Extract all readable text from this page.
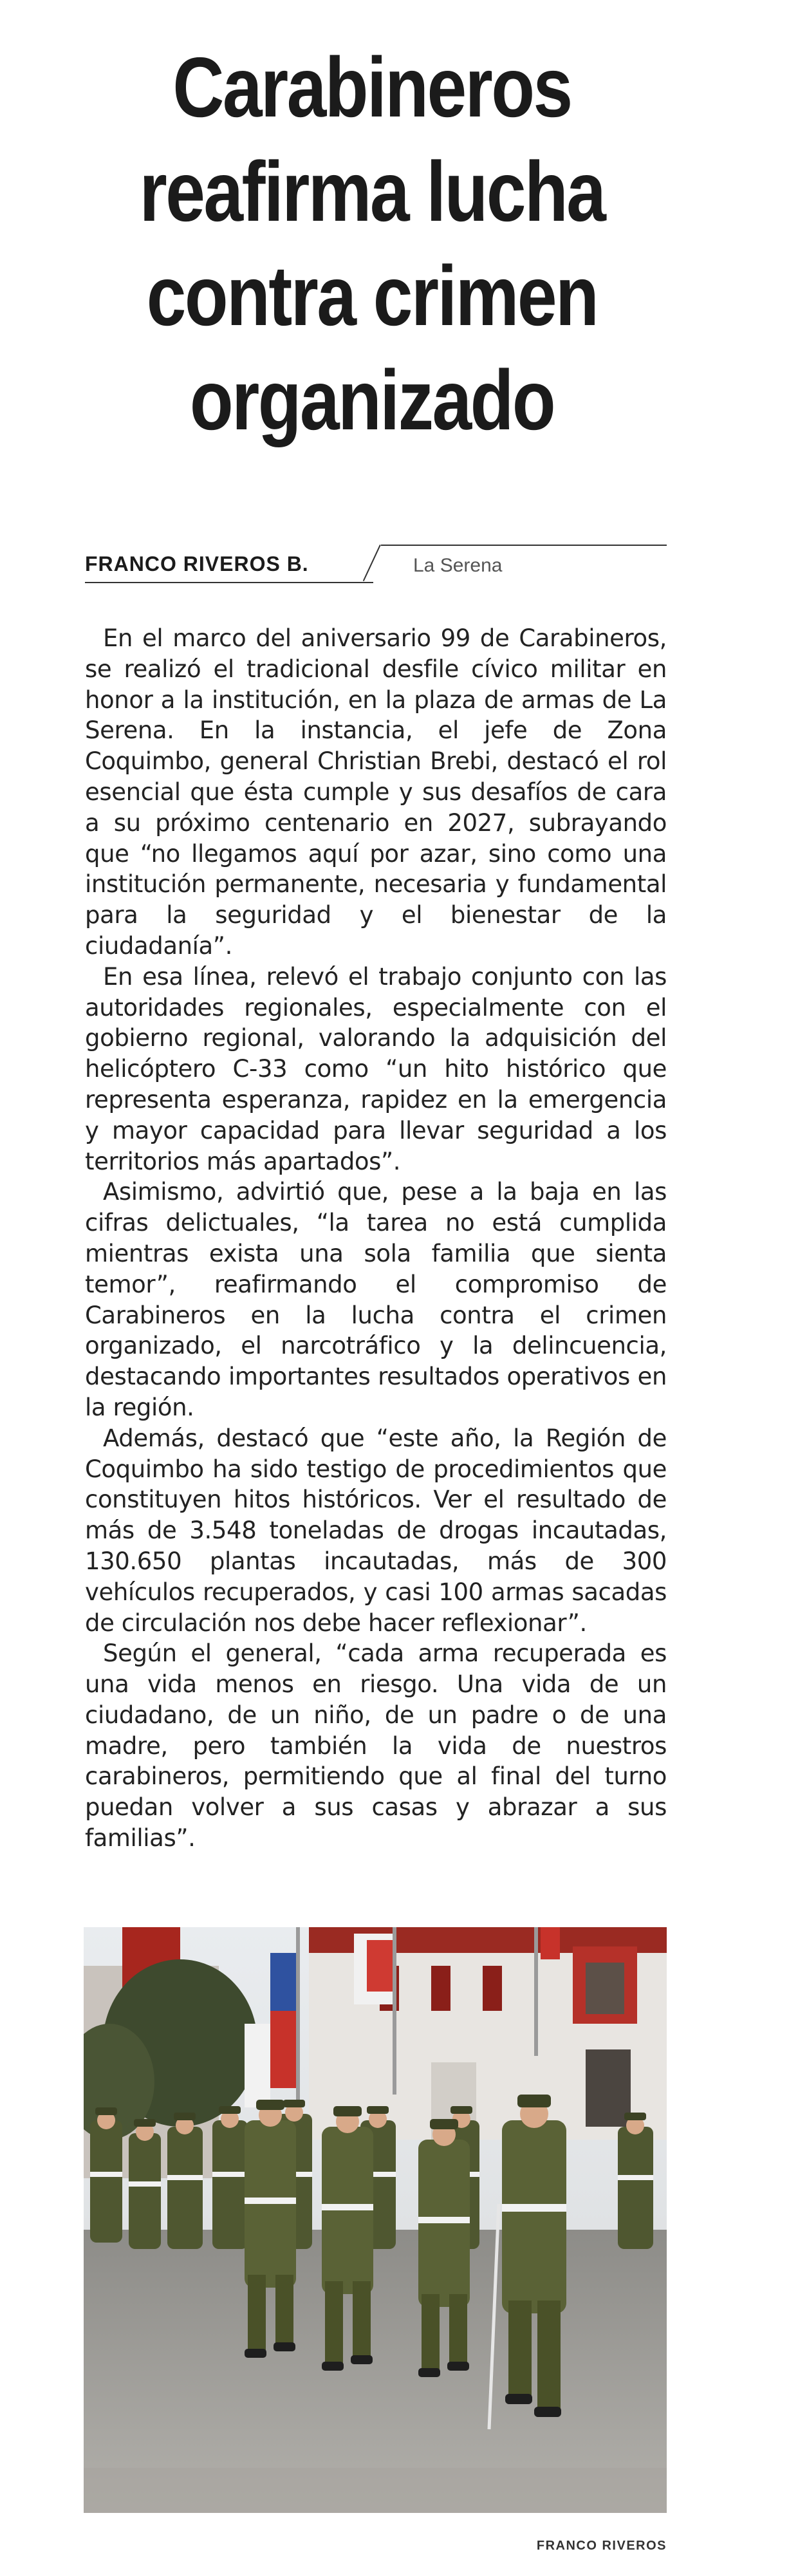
Carabineros reafirma lucha contra crimen organizado
FRANCO RIVEROS B.	La Serena

En el marco del aniversario 99 de Carabineros, se realizó el tradicional desfile cívico militar en honor a la institución, en la plaza de armas de La Serena. En la instancia, el jefe de Zona Coquimbo, general Christian Brebi, destacó el rol esencial que ésta cumple y sus desafíos de cara a su próximo centenario en 2027, subrayando que “no llegamos aquí por azar, sino como una institución permanente, necesaria y fundamental para la seguridad y el bienestar de la ciudadanía”.

En esa línea, relevó el trabajo conjunto con las autoridades regionales, especialmente con el gobierno regional, valorando la adquisición del helicóptero C-33 como “un hito histórico que representa esperanza, rapidez en la emergencia y mayor capacidad para llevar seguridad a los territorios más apartados”.

Asimismo, advirtió que, pese a la baja en las cifras delictuales, “la tarea no está cumplida mientras exista una sola familia que sienta temor”, reafirmando el compromiso de Carabineros en la lucha contra el crimen organizado, el narcotráfico y la delincuencia, destacando importantes resultados operativos en la región.

Además, destacó que “este año, la Región de Coquimbo ha sido testigo de procedimientos que constituyen hitos históricos. Ver el resultado de más de 3.548 toneladas de drogas incautadas, 130.650 plantas incautadas, más de 300 vehículos recuperados, y casi 100 armas sacadas de circulación nos debe hacer reflexionar”.

Según el general, “cada arma recuperada es una vida menos en riesgo. Una vida de un ciudadano, de un niño, de un padre o de una madre, pero también la vida de nuestros carabineros, permitiendo que al final del turno puedan volver a sus casas y abrazar a sus familias”.

FRANCO RIVEROS
